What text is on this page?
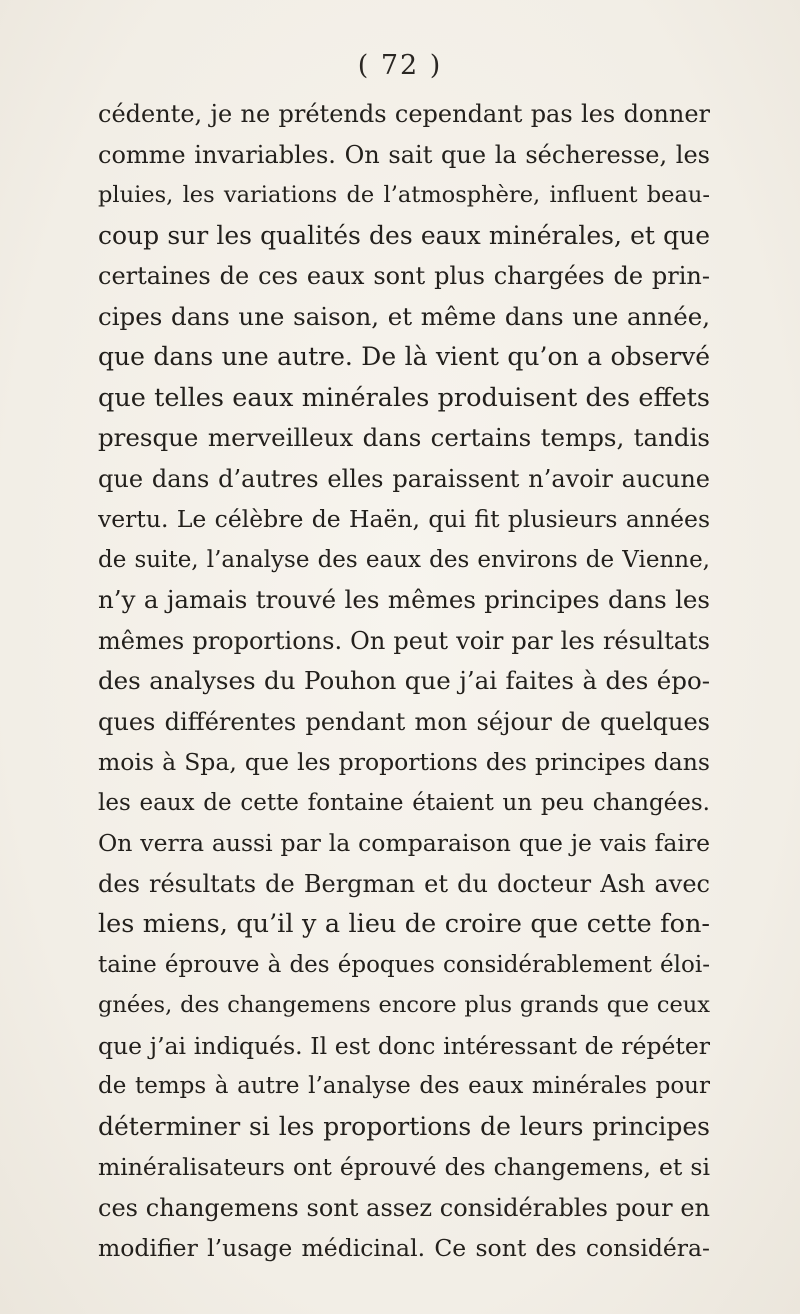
( 72 )
cédente, je ne prétends cependant pas les donner
comme invariables. On sait que la sécheresse, les
pluies, les variations de l’atmosphère, influent beau-
coup sur les qualités des eaux minérales, et que
certaines de ces eaux sont plus chargées de prin-
cipes dans une saison, et même dans une année,
que dans une autre. De là vient qu’on a observé
que telles eaux minérales produisent des effets
presque merveilleux dans certains temps, tandis
que dans d’autres elles paraissent n’avoir aucune
vertu. Le célèbre de Haën, qui fit plusieurs années
de suite, l’analyse des eaux des environs de Vienne,
n’y a jamais trouvé les mêmes principes dans les
mêmes proportions. On peut voir par les résultats
des analyses du Pouhon que j’ai faites à des épo-
ques différentes pendant mon séjour de quelques
mois à Spa, que les proportions des principes dans
les eaux de cette fontaine étaient un peu changées.
On verra aussi par la comparaison que je vais faire
des résultats de Bergman et du docteur Ash avec
les miens, qu’il y a lieu de croire que cette fon-
taine éprouve à des époques considérablement éloi-
gnées, des changemens encore plus grands que ceux
que j’ai indiqués. Il est donc intéressant de répéter
de temps à autre l’analyse des eaux minérales pour
déterminer si les proportions de leurs principes
minéralisateurs ont éprouvé des changemens, et si
ces changemens sont assez considérables pour en
modifier l’usage médicinal. Ce sont des considéra-
